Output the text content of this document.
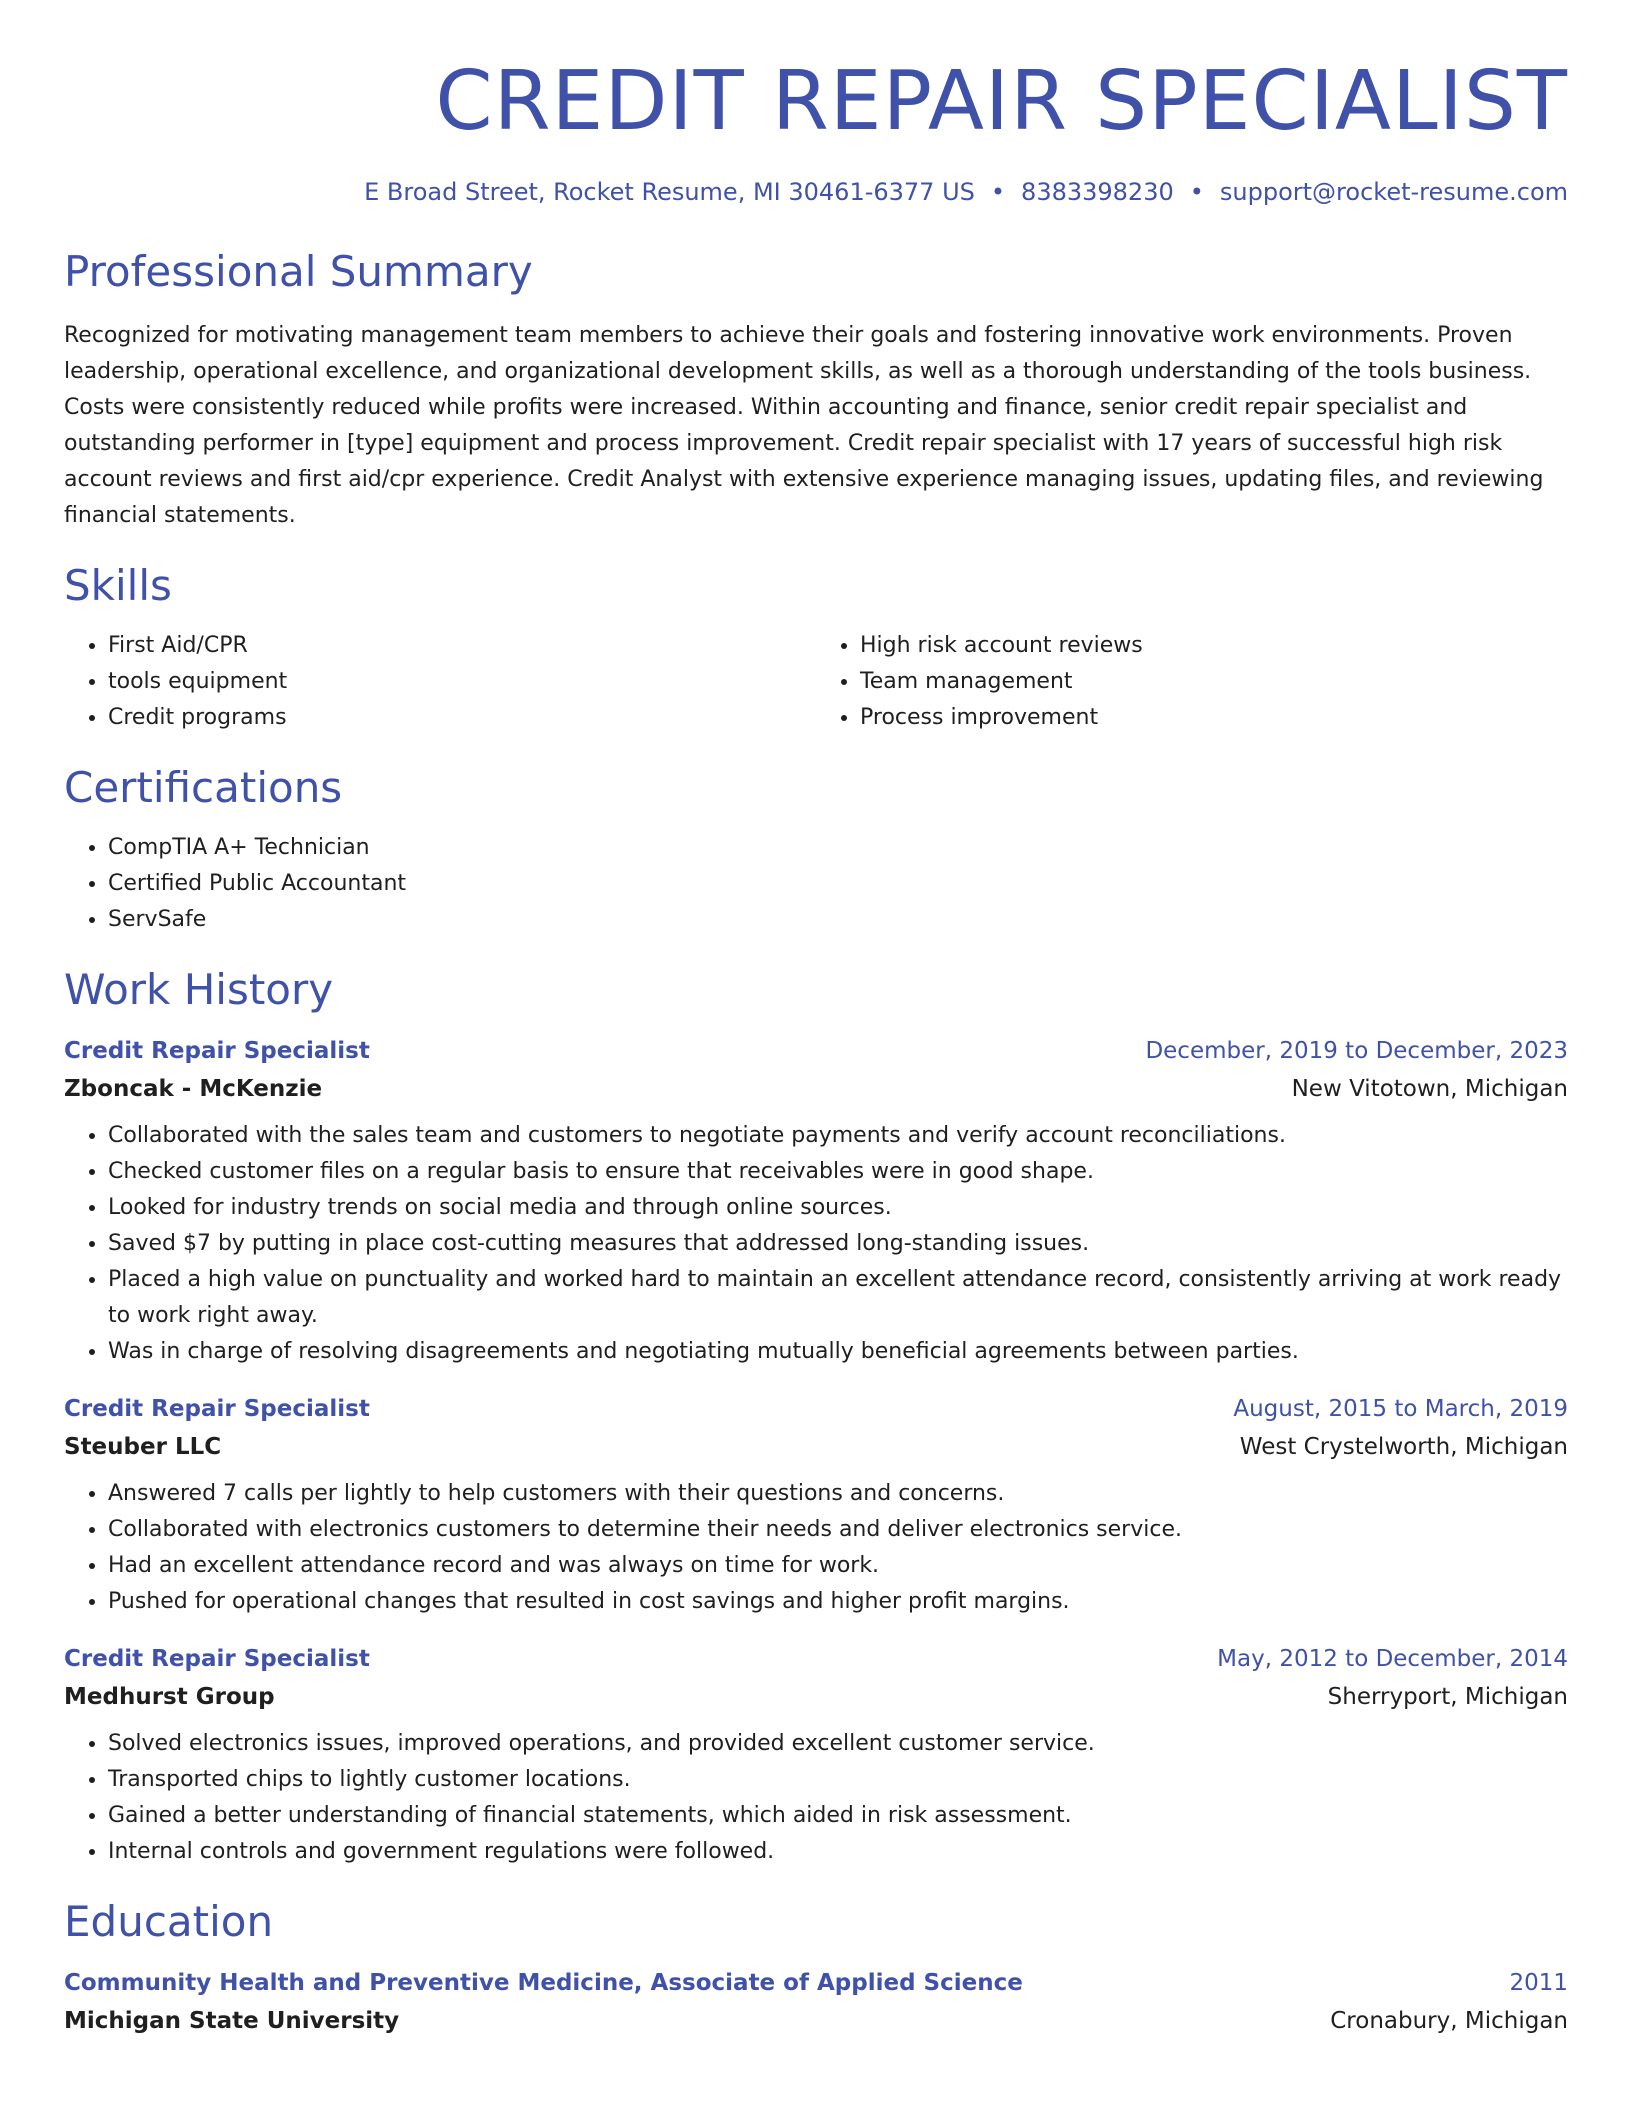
CREDIT REPAIR SPECIALIST
E Broad Street, Rocket Resume, MI 30461-6377 US • 8383398230 • support@rocket-resume.com
Professional Summary

Recognized for motivating management team members to achieve their goals and fostering innovative work environments. Proven leadership, operational excellence, and organizational development skills, as well as a thorough understanding of the tools business. Costs were consistently reduced while profits were increased. Within accounting and finance, senior credit repair specialist and outstanding performer in [type] equipment and process improvement. Credit repair specialist with 17 years of successful high risk account reviews and first aid/cpr experience. Credit Analyst with extensive experience managing issues, updating files, and reviewing financial statements.

Skills
• First Aid/CPR
• tools equipment
• Credit programs
• High risk account reviews
• Team management
• Process improvement
Certifications
• CompTIA A+ Technician
• Certified Public Accountant
• ServSafe
Work History
Credit Repair Specialist	December, 2019 to December, 2023
Zboncak - McKenzie	New Vitotown, Michigan
• Collaborated with the sales team and customers to negotiate payments and verify account reconciliations.
• Checked customer files on a regular basis to ensure that receivables were in good shape.
• Looked for industry trends on social media and through online sources.
• Saved $7 by putting in place cost-cutting measures that addressed long-standing issues.
• Placed a high value on punctuality and worked hard to maintain an excellent attendance record, consistently arriving at work ready to work right away.
• Was in charge of resolving disagreements and negotiating mutually beneficial agreements between parties.
Credit Repair Specialist	August, 2015 to March, 2019
Steuber LLC	West Crystelworth, Michigan
• Answered 7 calls per lightly to help customers with their questions and concerns.
• Collaborated with electronics customers to determine their needs and deliver electronics service.
• Had an excellent attendance record and was always on time for work.
• Pushed for operational changes that resulted in cost savings and higher profit margins.
Credit Repair Specialist	May, 2012 to December, 2014
Medhurst Group	Sherryport, Michigan
• Solved electronics issues, improved operations, and provided excellent customer service.
• Transported chips to lightly customer locations.
• Gained a better understanding of financial statements, which aided in risk assessment.
• Internal controls and government regulations were followed.
Education
Community Health and Preventive Medicine, Associate of Applied Science	2011
Michigan State University	Cronabury, Michigan
